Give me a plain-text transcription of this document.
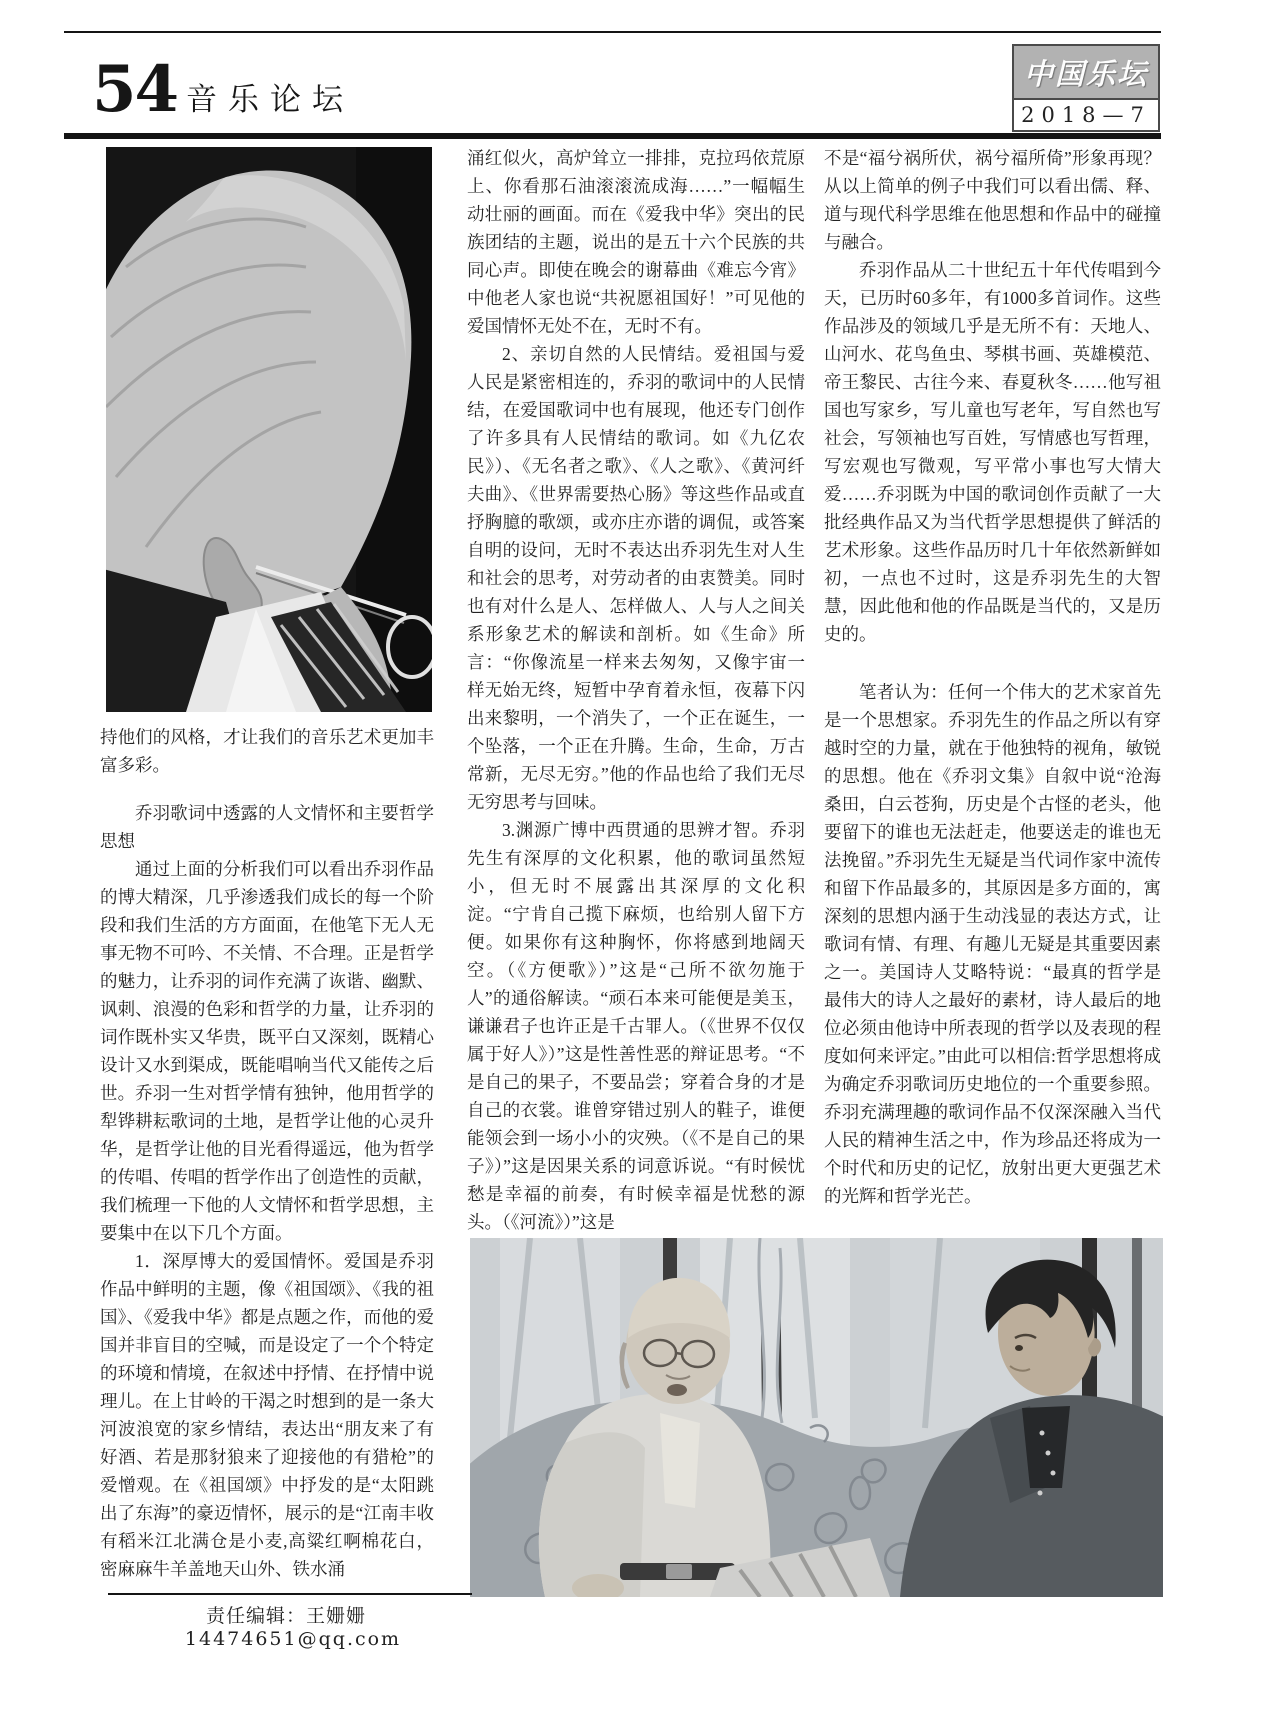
54 音乐论坛
中国乐坛
2018—7

持他们的风格，才让我们的音乐艺术更加丰富多彩。

乔羽歌词中透露的人文情怀和主要哲学思想

通过上面的分析我们可以看出乔羽作品的博大精深，几乎渗透我们成长的每一个阶段和我们生活的方方面面，在他笔下无人无事无物不可吟、不关情、不合理。正是哲学的魅力，让乔羽的词作充满了诙谐、幽默、讽刺、浪漫的色彩和哲学的力量，让乔羽的词作既朴实又华贵，既平白又深刻，既精心设计又水到渠成，既能唱响当代又能传之后世。乔羽一生对哲学情有独钟，他用哲学的犁铧耕耘歌词的土地，是哲学让他的心灵升华，是哲学让他的目光看得遥远，他为哲学的传唱、传唱的哲学作出了创造性的贡献，我们梳理一下他的人文情怀和哲学思想，主要集中在以下几个方面。

1．深厚博大的爱国情怀。爱国是乔羽作品中鲜明的主题，像《祖国颂》、《我的祖国》、《爱我中华》都是点题之作，而他的爱国并非盲目的空喊，而是设定了一个个特定的环境和情境，在叙述中抒情、在抒情中说理儿。在上甘岭的干渴之时想到的是一条大河波浪宽的家乡情结，表达出“朋友来了有好酒、若是那豺狼来了迎接他的有猎枪”的爱憎观。在《祖国颂》中抒发的是“太阳跳出了东海”的豪迈情怀，展示的是“江南丰收有稻米江北满仓是小麦,高粱红啊棉花白，密麻麻牛羊盖地天山外、铁水涌

涌红似火，高炉耸立一排排，克拉玛依荒原上、你看那石油滚滚流成海……”一幅幅生动壮丽的画面。而在《爱我中华》突出的民族团结的主题，说出的是五十六个民族的共同心声。即使在晚会的谢幕曲《难忘今宵》中他老人家也说“共祝愿祖国好！”可见他的爱国情怀无处不在，无时不有。

2、亲切自然的人民情结。爱祖国与爱人民是紧密相连的，乔羽的歌词中的人民情结，在爱国歌词中也有展现，他还专门创作了许多具有人民情结的歌词。如《九亿农民》）、《无名者之歌》、《人之歌》、《黄河纤夫曲》、《世界需要热心肠》等这些作品或直抒胸臆的歌颂，或亦庄亦谐的调侃，或答案自明的设问，无时不表达出乔羽先生对人生和社会的思考，对劳动者的由衷赞美。同时也有对什么是人、怎样做人、人与人之间关系形象艺术的解读和剖析。如《生命》所言：“你像流星一样来去匆匆，又像宇宙一样无始无终，短暂中孕育着永恒，夜幕下闪出来黎明，一个消失了，一个正在诞生，一个坠落，一个正在升腾。生命，生命，万古常新，无尽无穷。”他的作品也给了我们无尽无穷思考与回味。

3.渊源广博中西贯通的思辨才智。乔羽先生有深厚的文化积累，他的歌词虽然短小，但无时不展露出其深厚的文化积淀。“宁肯自己揽下麻烦，也给别人留下方便。如果你有这种胸怀，你将感到地阔天空。（《方便歌》）”这是“己所不欲勿施于人”的通俗解读。“顽石本来可能便是美玉，谦谦君子也许正是千古罪人。（《世界不仅仅属于好人》）”这是性善性恶的辩证思考。“不是自己的果子，不要品尝；穿着合身的才是自己的衣裳。谁曾穿错过别人的鞋子，谁便能领会到一场小小的灾殃。（《不是自己的果子》）”这是因果关系的词意诉说。“有时候忧愁是幸福的前奏，有时候幸福是忧愁的源头。（《河流》）”这是

不是“福兮祸所伏，祸兮福所倚”形象再现？从以上简单的例子中我们可以看出儒、释、道与现代科学思维在他思想和作品中的碰撞与融合。

乔羽作品从二十世纪五十年代传唱到今天，已历时60多年，有1000多首词作。这些作品涉及的领域几乎是无所不有：天地人、山河水、花鸟鱼虫、琴棋书画、英雄模范、帝王黎民、古往今来、春夏秋冬……他写祖国也写家乡，写儿童也写老年，写自然也写社会，写领袖也写百姓，写情感也写哲理，写宏观也写微观，写平常小事也写大情大爱……乔羽既为中国的歌词创作贡献了一大批经典作品又为当代哲学思想提供了鲜活的艺术形象。这些作品历时几十年依然新鲜如初，一点也不过时，这是乔羽先生的大智慧，因此他和他的作品既是当代的，又是历史的。

笔者认为：任何一个伟大的艺术家首先是一个思想家。乔羽先生的作品之所以有穿越时空的力量，就在于他独特的视角，敏锐的思想。他在《乔羽文集》自叙中说“沧海桑田，白云苍狗，历史是个古怪的老头，他要留下的谁也无法赶走，他要送走的谁也无法挽留。”乔羽先生无疑是当代词作家中流传和留下作品最多的，其原因是多方面的，寓深刻的思想内涵于生动浅显的表达方式，让歌词有情、有理、有趣儿无疑是其重要因素之一。美国诗人艾略特说：“最真的哲学是最伟大的诗人之最好的素材，诗人最后的地位必须由他诗中所表现的哲学以及表现的程度如何来评定。”由此可以相信:哲学思想将成为确定乔羽歌词历史地位的一个重要参照。乔羽充满理趣的歌词作品不仅深深融入当代人民的精神生活之中，作为珍品还将成为一个时代和历史的记忆，放射出更大更强艺术的光辉和哲学光芒。

责任编辑：王姗姗14474651@qq.com
